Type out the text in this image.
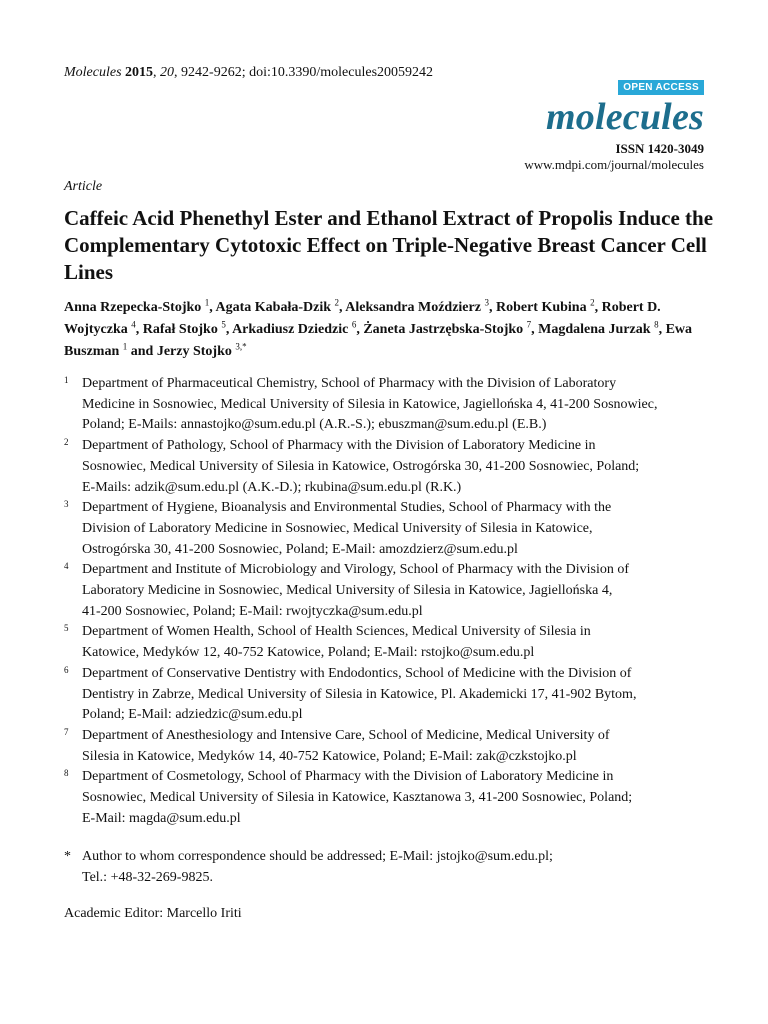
Molecules 2015, 20, 9242-9262; doi:10.3390/molecules20059242
OPEN ACCESS
molecules
ISSN 1420-3049
www.mdpi.com/journal/molecules
Article
Caffeic Acid Phenethyl Ester and Ethanol Extract of Propolis Induce the Complementary Cytotoxic Effect on Triple-Negative Breast Cancer Cell Lines
Anna Rzepecka-Stojko $^1$, Agata Kabała-Dzik $^2$, Aleksandra Moździerz $^3$, Robert Kubina $^2$, Robert D. Wojtyczka $^4$, Rafał Stojko $^5$, Arkadiusz Dziedzic $^6$, Żaneta Jastrzębska-Stojko $^7$, Magdalena Jurzak $^8$, Ewa Buszman $^1$ and Jerzy Stojko $^{3,*}$
1 Department of Pharmaceutical Chemistry, School of Pharmacy with the Division of Laboratory
Medicine in Sosnowiec, Medical University of Silesia in Katowice, Jagiellońska 4, 41-200 Sosnowiec,
Poland; E-Mails: annastojko@sum.edu.pl (A.R.-S.); ebuszman@sum.edu.pl (E.B.)
2 Department of Pathology, School of Pharmacy with the Division of Laboratory Medicine in
Sosnowiec, Medical University of Silesia in Katowice, Ostrogórska 30, 41-200 Sosnowiec, Poland;
E-Mails: adzik@sum.edu.pl (A.K.-D.); rkubina@sum.edu.pl (R.K.)
3 Department of Hygiene, Bioanalysis and Environmental Studies, School of Pharmacy with the
Division of Laboratory Medicine in Sosnowiec, Medical University of Silesia in Katowice,
Ostrogórska 30, 41-200 Sosnowiec, Poland; E-Mail: amozdzierz@sum.edu.pl
4 Department and Institute of Microbiology and Virology, School of Pharmacy with the Division of
Laboratory Medicine in Sosnowiec, Medical University of Silesia in Katowice, Jagiellońska 4,
41-200 Sosnowiec, Poland; E-Mail: rwojtyczka@sum.edu.pl
5 Department of Women Health, School of Health Sciences, Medical University of Silesia in
Katowice, Medyków 12, 40-752 Katowice, Poland; E-Mail: rstojko@sum.edu.pl
6 Department of Conservative Dentistry with Endodontics, School of Medicine with the Division of
Dentistry in Zabrze, Medical University of Silesia in Katowice, Pl. Akademicki 17, 41-902 Bytom,
Poland; E-Mail: adziedzic@sum.edu.pl
7 Department of Anesthesiology and Intensive Care, School of Medicine, Medical University of
Silesia in Katowice, Medyków 14, 40-752 Katowice, Poland; E-Mail: zak@czkstojko.pl
8 Department of Cosmetology, School of Pharmacy with the Division of Laboratory Medicine in
Sosnowiec, Medical University of Silesia in Katowice, Kasztanowa 3, 41-200 Sosnowiec, Poland;
E-Mail: magda@sum.edu.pl
* Author to whom correspondence should be addressed; E-Mail: jstojko@sum.edu.pl;
Tel.: +48-32-269-9825.
Academic Editor: Marcello Iriti
